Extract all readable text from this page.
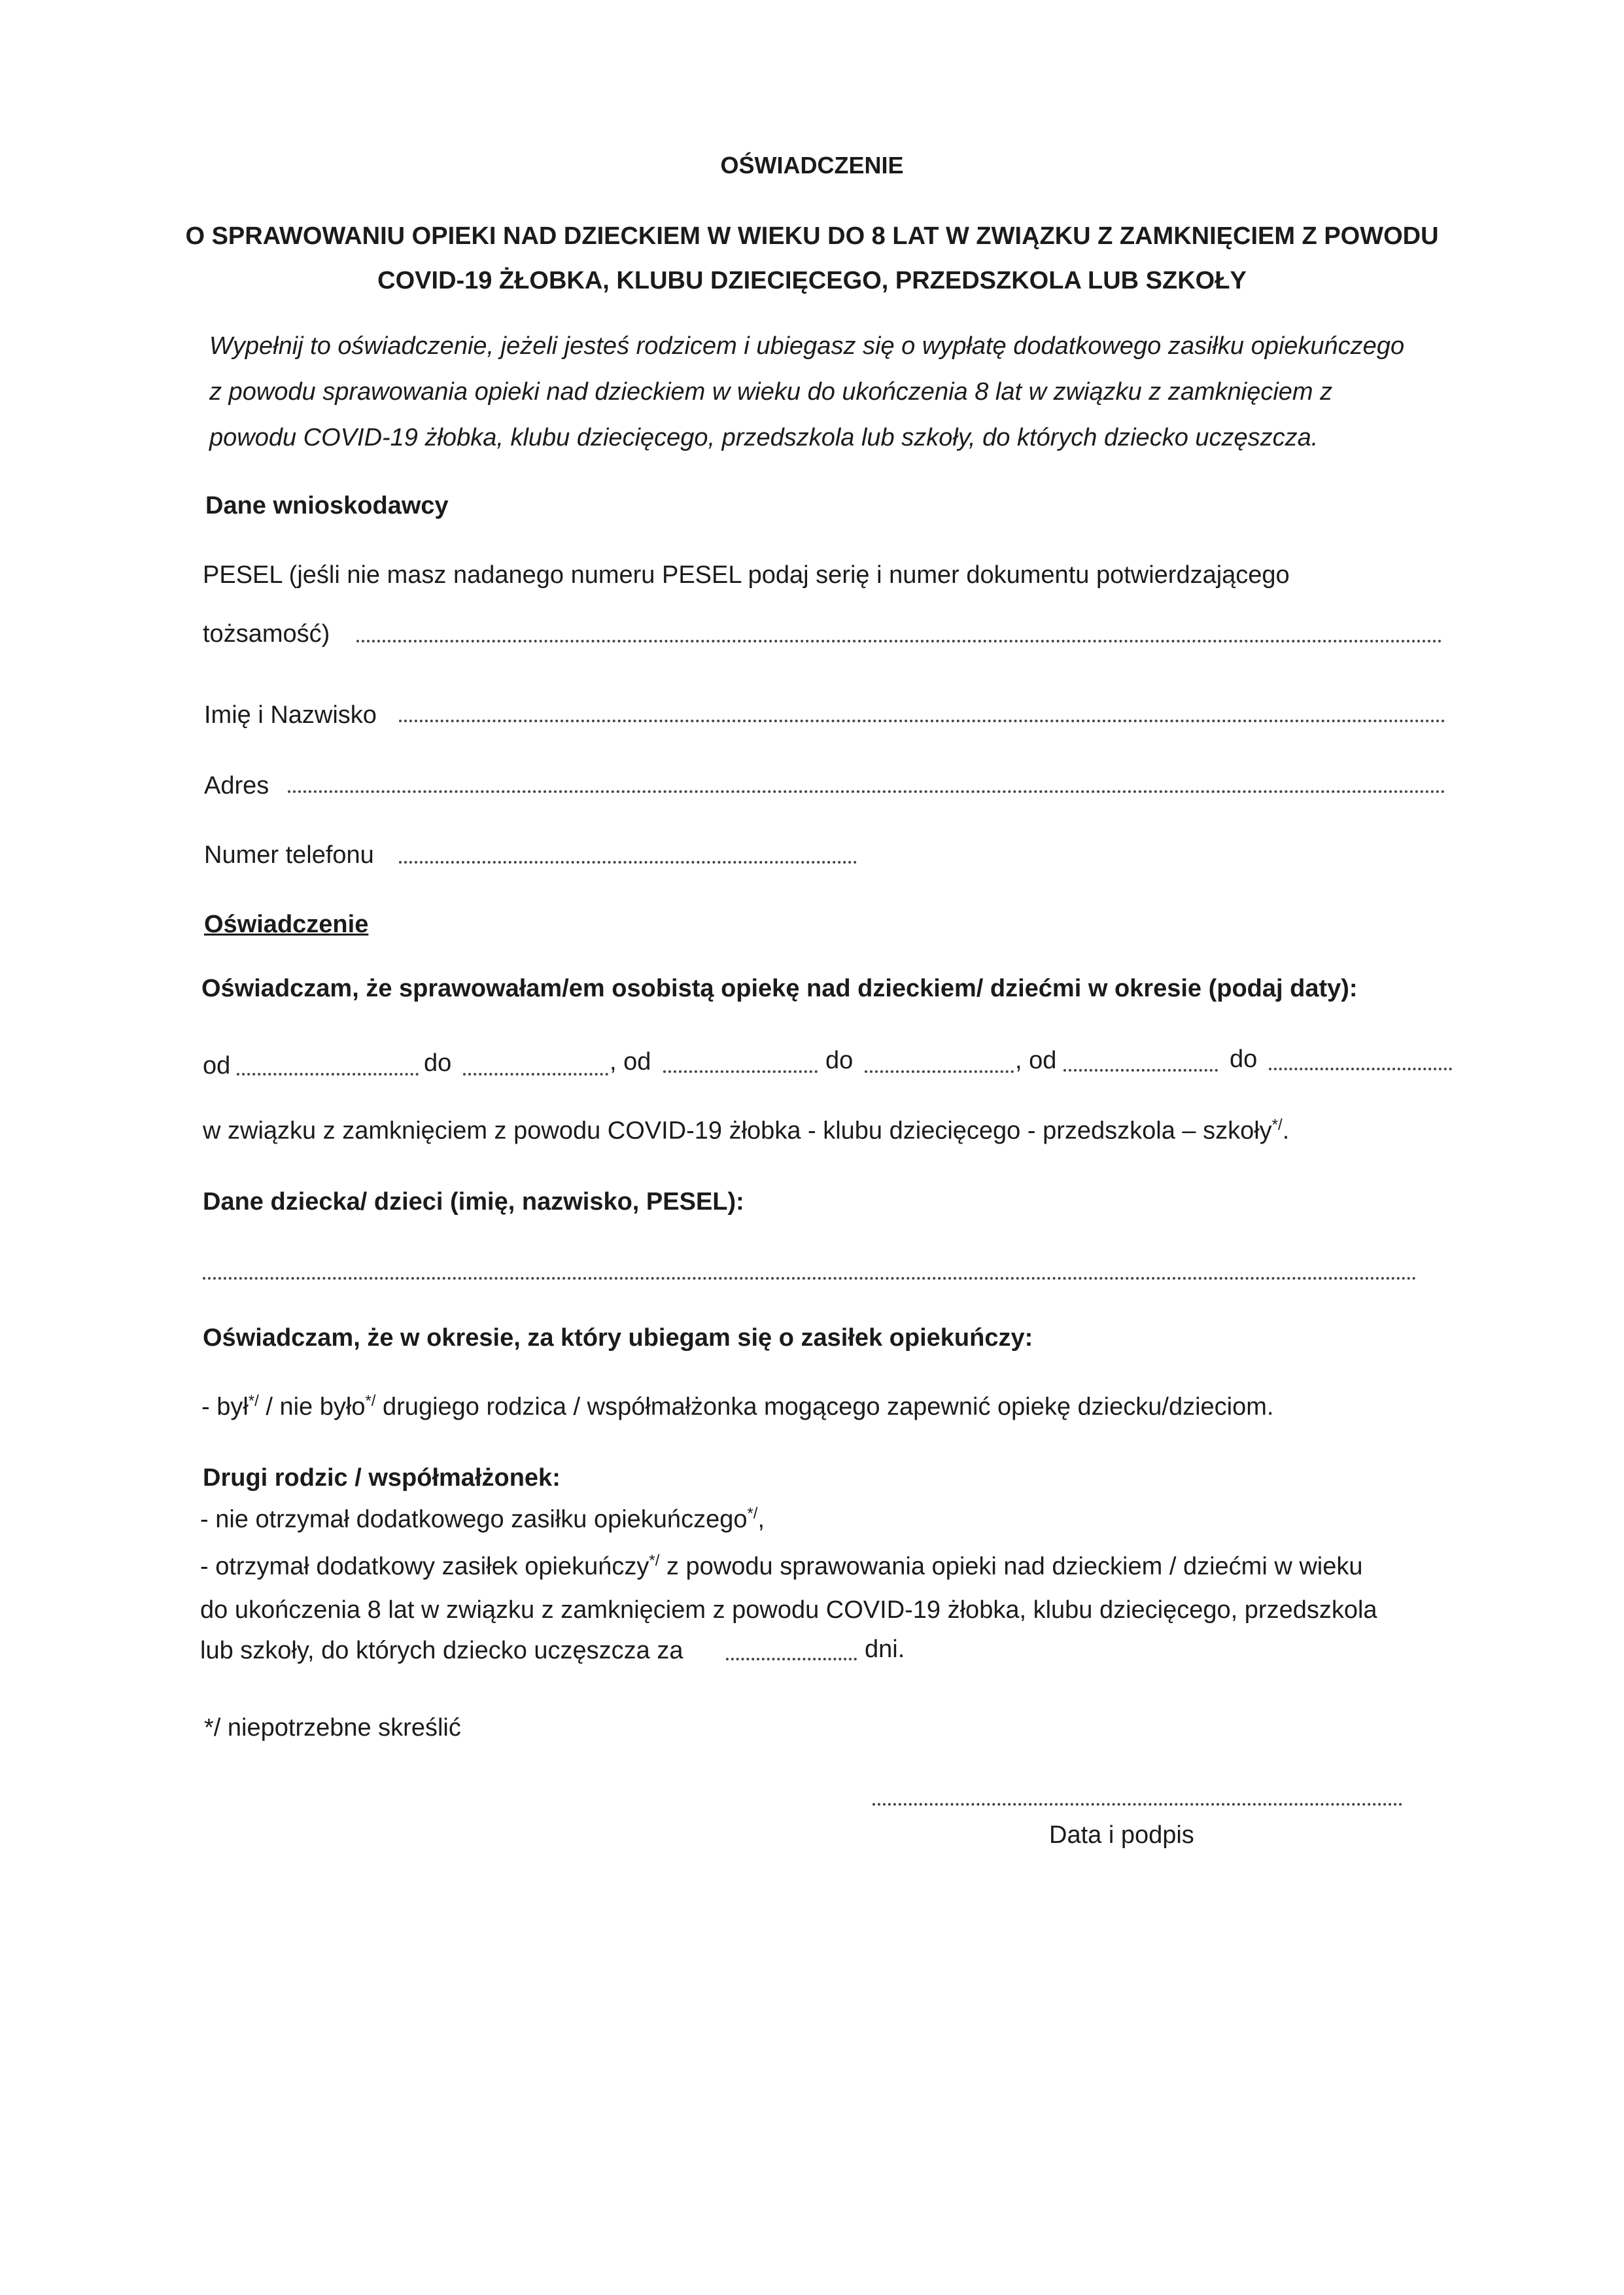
OŚWIADCZENIE
O SPRAWOWANIU OPIEKI NAD DZIECKIEM W WIEKU DO 8 LAT W ZWIĄZKU Z ZAMKNIĘCIEM Z POWODU
COVID-19 ŻŁOBKA, KLUBU DZIECIĘCEGO, PRZEDSZKOLA LUB SZKOŁY
Wypełnij to oświadczenie, jeżeli jesteś rodzicem i ubiegasz się o wypłatę dodatkowego zasiłku opiekuńczego
z powodu sprawowania opieki nad dzieckiem w wieku do ukończenia 8 lat w związku z zamknięciem z
powodu COVID-19 żłobka, klubu dziecięcego, przedszkola lub szkoły, do których dziecko uczęszcza.
Dane wnioskodawcy
PESEL (jeśli nie masz nadanego numeru PESEL podaj serię i numer dokumentu potwierdzającego
tożsamość)
Imię i Nazwisko
Adres
Numer telefonu
Oświadczenie
Oświadczam, że sprawowałam/em osobistą opiekę nad dzieckiem/ dziećmi w okresie (podaj daty):
od	do	, od	do	, od	do
w związku z zamknięciem z powodu COVID-19 żłobka - klubu dziecięcego - przedszkola – szkoły*/.
Dane dziecka/ dzieci (imię, nazwisko, PESEL):
Oświadczam, że w okresie, za który ubiegam się o zasiłek opiekuńczy:
- był*/ / nie było*/ drugiego rodzica / współmałżonka mogącego zapewnić opiekę dziecku/dzieciom.
Drugi rodzic / współmałżonek:
- nie otrzymał dodatkowego zasiłku opiekuńczego*/,
- otrzymał dodatkowy zasiłek opiekuńczy*/ z powodu sprawowania opieki nad dzieckiem / dziećmi w wieku
do ukończenia 8 lat w związku z zamknięciem z powodu COVID-19 żłobka, klubu dziecięcego, przedszkola
lub szkoły, do których dziecko uczęszcza za	dni.
*/ niepotrzebne skreślić
Data i podpis
